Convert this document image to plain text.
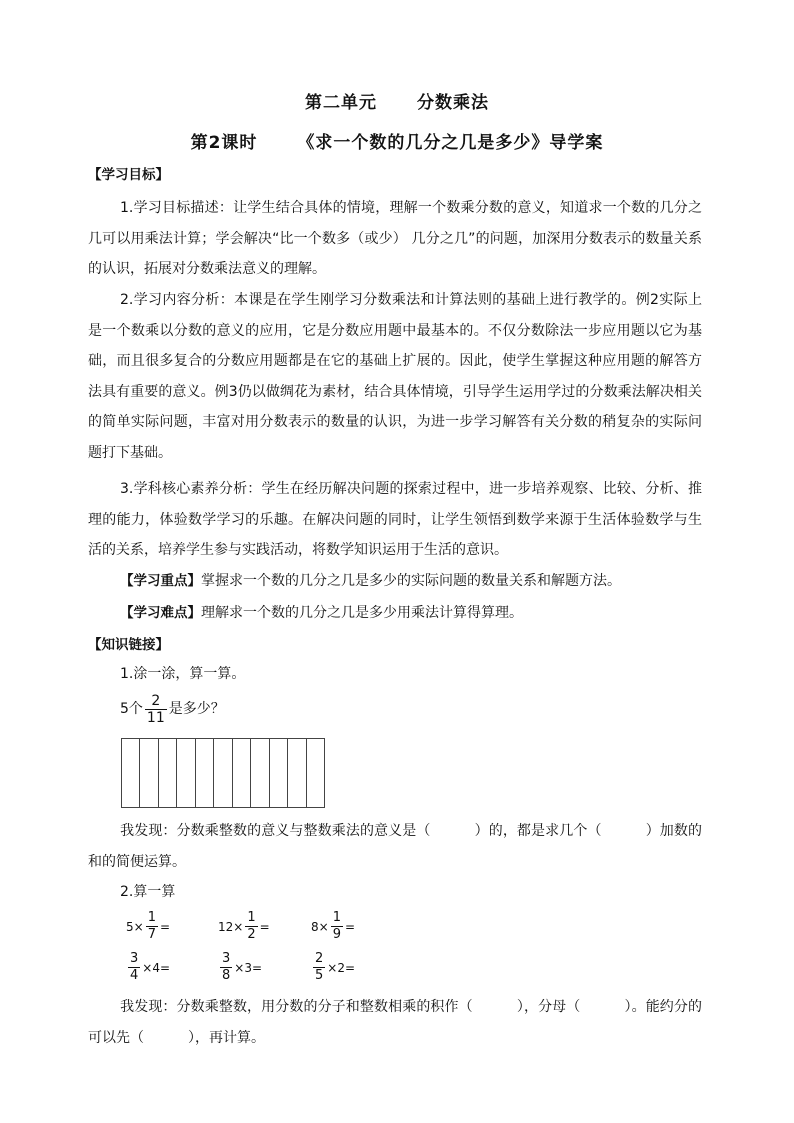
第二单元 分数乘法
第2课时 《求一个数的几分之几是多少》导学案
【学习目标】
1.学习目标描述：让学生结合具体的情境，理解一个数乘分数的意义，知道求一个数的几分之几可以用乘法计算；学会解决“比一个数多（或少） 几分之几”的问题，加深用分数表示的数量关系的认识，拓展对分数乘法意义的理解。
2.学习内容分析：本课是在学生刚学习分数乘法和计算法则的基础上进行教学的。例2实际上是一个数乘以分数的意义的应用，它是分数应用题中最基本的。不仅分数除法一步应用题以它为基础，而且很多复合的分数应用题都是在它的基础上扩展的。因此，使学生掌握这种应用题的解答方法具有重要的意义。例3仍以做绸花为素材，结合具体情境，引导学生运用学过的分数乘法解决相关的简单实际问题，丰富对用分数表示的数量的认识，为进一步学习解答有关分数的稍复杂的实际问题打下基础。
3.学科核心素养分析：学生在经历解决问题的探索过程中，进一步培养观察、比较、分析、推理的能力，体验数学学习的乐趣。在解决问题的同时，让学生领悟到数学来源于生活体验数学与生活的关系，培养学生参与实践活动，将数学知识运用于生活的意识。
【学习重点】掌握求一个数的几分之几是多少的实际问题的数量关系和解题方法。
【学习难点】理解求一个数的几分之几是多少用乘法计算得算理。
【知识链接】
1.涂一涂，算一算。
5个 $\frac{2}{11}$ 是多少？
我发现：分数乘整数的意义与整数乘法的意义是（	）的，都是求几个（	）加数的和的简便运算。
2.算一算
$5\times \frac{1}{7}$ =	$12\times \frac{1}{2}$ =	$8\times \frac{1}{9}$ =
$\frac{3}{4} \times 4=$	$\frac{3}{8} \times 3=$	$\frac{2}{5} \times 2=$
我发现：分数乘整数，用分数的分子和整数相乘的积作（	），分母（	）。能约分的可以先（	），再计算。
